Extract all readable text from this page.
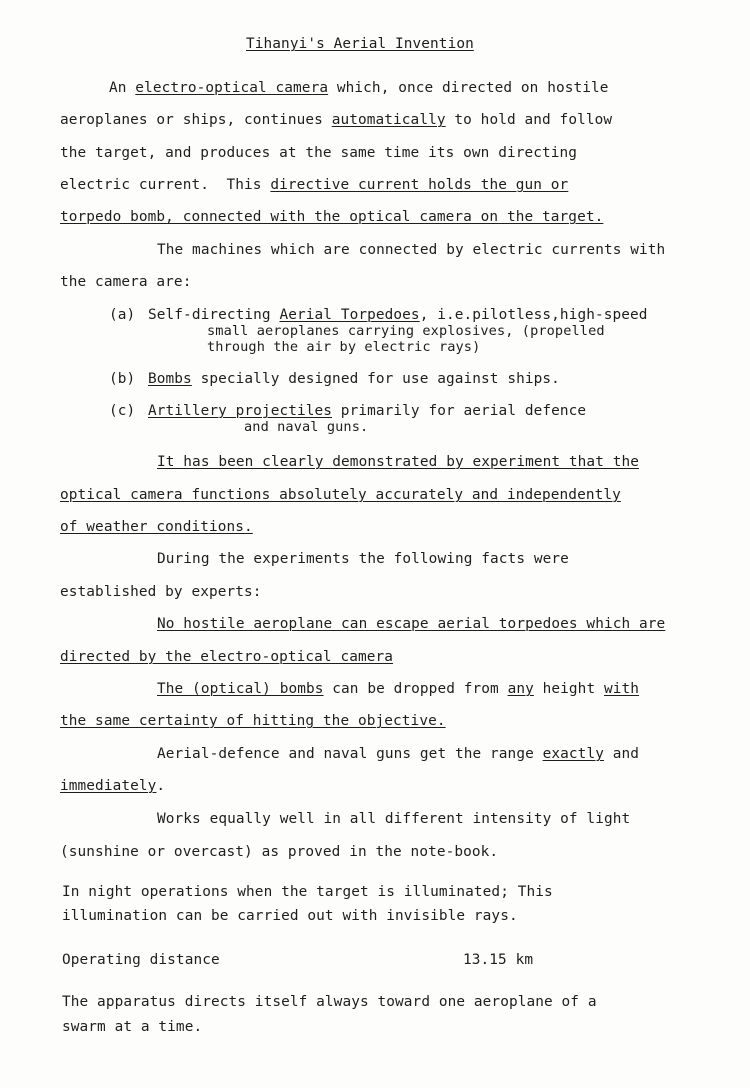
Tihanyi's Aerial Invention
An electro-optical camera which, once directed on hostile
aeroplanes or ships, continues automatically to hold and follow
the target, and produces at the same time its own directing
electric current.  This directive current holds the gun or
torpedo bomb, connected with the optical camera on the target.
The machines which are connected by electric currents with
the camera are:
(a) Self-directing Aerial Torpedoes, i.e.pilotless,high-speed
small aeroplanes carrying explosives, (propelled
through the air by electric rays)
(b) Bombs specially designed for use against ships.
(c) Artillery projectiles primarily for aerial defence
and naval guns.
It has been clearly demonstrated by experiment that the
optical camera functions absolutely accurately and independently
of weather conditions.
During the experiments the following facts were
established by experts:
No hostile aeroplane can escape aerial torpedoes which are
directed by the electro-optical camera
The (optical) bombs can be dropped from any height with
the same certainty of hitting the objective.
Aerial-defence and naval guns get the range exactly and
immediately.
Works equally well in all different intensity of light
(sunshine or overcast) as proved in the note-book.
In night operations when the target is illuminated; This
illumination can be carried out with invisible rays.
Operating distance	13.15 km
The apparatus directs itself always toward one aeroplane of a
swarm at a time.
